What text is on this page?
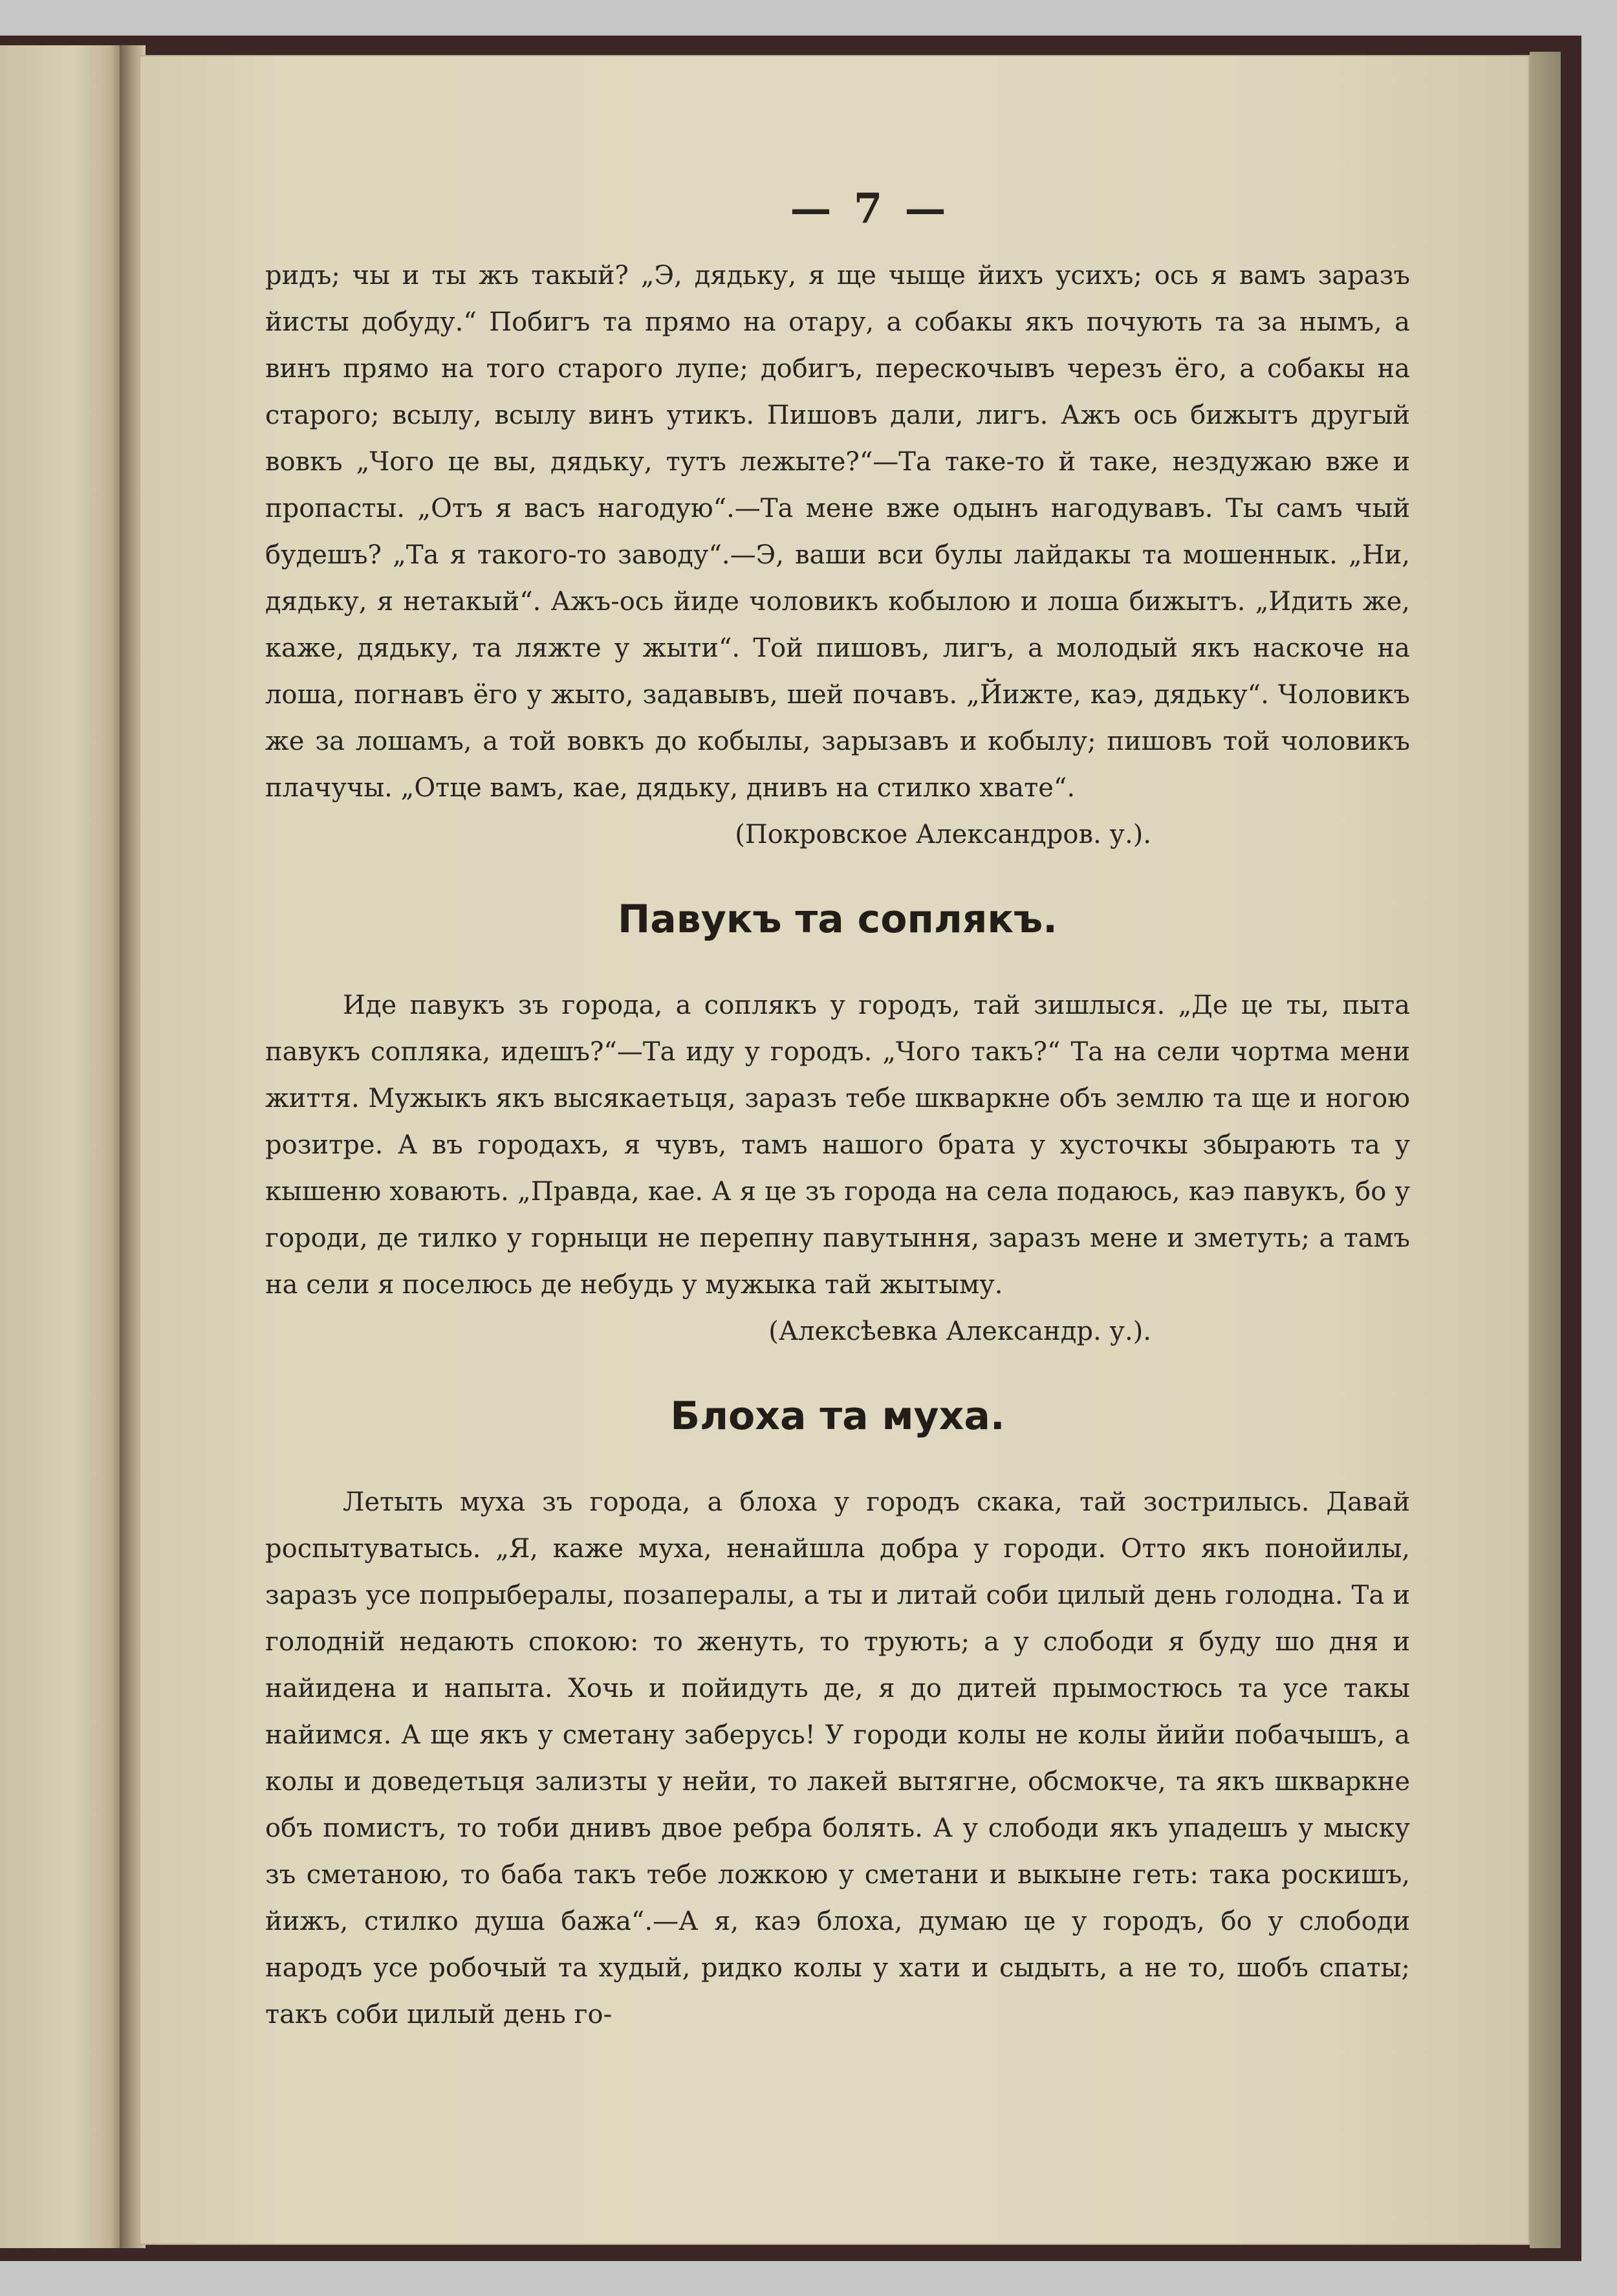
— 7 —

ридъ; чы и ты жъ такый? „Э, дядьку, я ще чыще йихъ усихъ; ось я вамъ заразъ йисты добуду.“ Побигъ та прямо на отару, а собакы якъ почують та за нымъ, а винъ прямо на того старого лупе; добигъ, перескочывъ черезъ ёго, а собакы на старого; всылу, всылу винъ утикъ. Пишовъ дали, лигъ. Ажъ ось бижытъ другый вовкъ „Чого це вы, дядьку, тутъ лежыте?“—Та таке-то й таке, нездужаю вже и пропасты. „Отъ я васъ нагодую“.—Та мене вже одынъ нагодувавъ. Ты самъ чый будешъ? „Та я такого-то заводу“.—Э, ваши вси булы лайдакы та мошеннык. „Ни, дядьку, я нетакый“. Ажъ-ось йиде чоловикъ кобылою и лоша бижытъ. „Идить же, каже, дядьку, та ляжте у жыти“. Той пишовъ, лигъ, а молодый якъ наскоче на лоша, погнавъ ёго у жыто, задавывъ, шей почавъ. „Йижте, каэ, дядьку“. Чоловикъ же за лошамъ, а той вовкъ до кобылы, зарызавъ и кобылу; пишовъ той чоловикъ плачучы. „Отце вамъ, кае, дядьку, днивъ на стилко хвате“.

(Покровское Александров. у.).

Павукъ та соплякъ.

Иде павукъ зъ города, а соплякъ у городъ, тай зишлыся. „Де це ты, пыта павукъ сопляка, идешъ?“—Та иду у городъ. „Чого такъ?“ Та на сели чортма мени життя. Мужыкъ якъ высякаетьця, заразъ тебе шкваркне объ землю та ще и ногою розитре. А въ городахъ, я чувъ, тамъ нашого брата у хусточкы збырають та у кышеню ховають. „Правда, кае. А я це зъ города на села подаюсь, каэ павукъ, бо у городи, де тилко у горныци не перепну павутыння, заразъ мене и зметуть; а тамъ на сели я поселюсь де небудь у мужыка тай жытыму.

(Алексѣевка Александр. у.).

Блоха та муха.

Летыть муха зъ города, а блоха у городъ скака, тай зострилысь. Давай роспытуватысь. „Я, каже муха, ненайшла добра у городи. Отто якъ понойилы, заразъ усе попрыбералы, позапералы, а ты и литай соби цилый день голодна. Та и голодній недають спокою: то женуть, то трують; а у слободи я буду шо дня и найидена и напыта. Хочь и пойидуть де, я до дитей прымостюсь та усе такы найимся. А ще якъ у сметану заберусь! У городи колы не колы йийи побачышъ, а колы и доведетьця зализты у нейи, то лакей вытягне, обсмокче, та якъ шкваркне объ помистъ, то тоби днивъ двое ребра болять. А у слободи якъ упадешъ у мыску зъ сметаною, то баба такъ тебе ложкою у сметани и выкыне геть: така роскишъ, йижъ, стилко душа бажа“.—А я, каэ блоха, думаю це у городъ, бо у слободи народъ усе робочый та худый, ридко колы у хати и сыдыть, а не то, шобъ спаты; такъ соби цилый день го-
